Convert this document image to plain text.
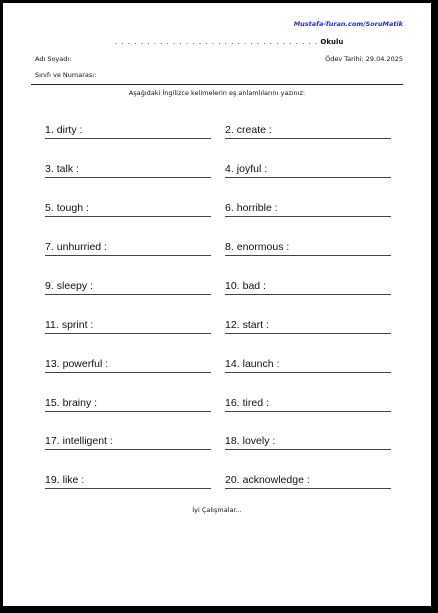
Mustafa-Turan.com/SoruMatik
. . . . . . . . . . . . . . . . . . . . . . . . . . . . . . . . Okulu
Adı Soyadı:	Ödev Tarihi: 29.04.2025
Sınıfı ve Numarası:
Aşağıdaki İngilizce kelimelerin eş anlamlılarını yazınız:
1. dirty :	2. create :
3. talk :	4. joyful :
5. tough :	6. horrible :
7. unhurried :	8. enormous :
9. sleepy :	10. bad :
11. sprint :	12. start :
13. powerful :	14. launch :
15. brainy :	16. tired :
17. intelligent :	18. lovely :
19. like :	20. acknowledge :
İyi Çalışmalar...
